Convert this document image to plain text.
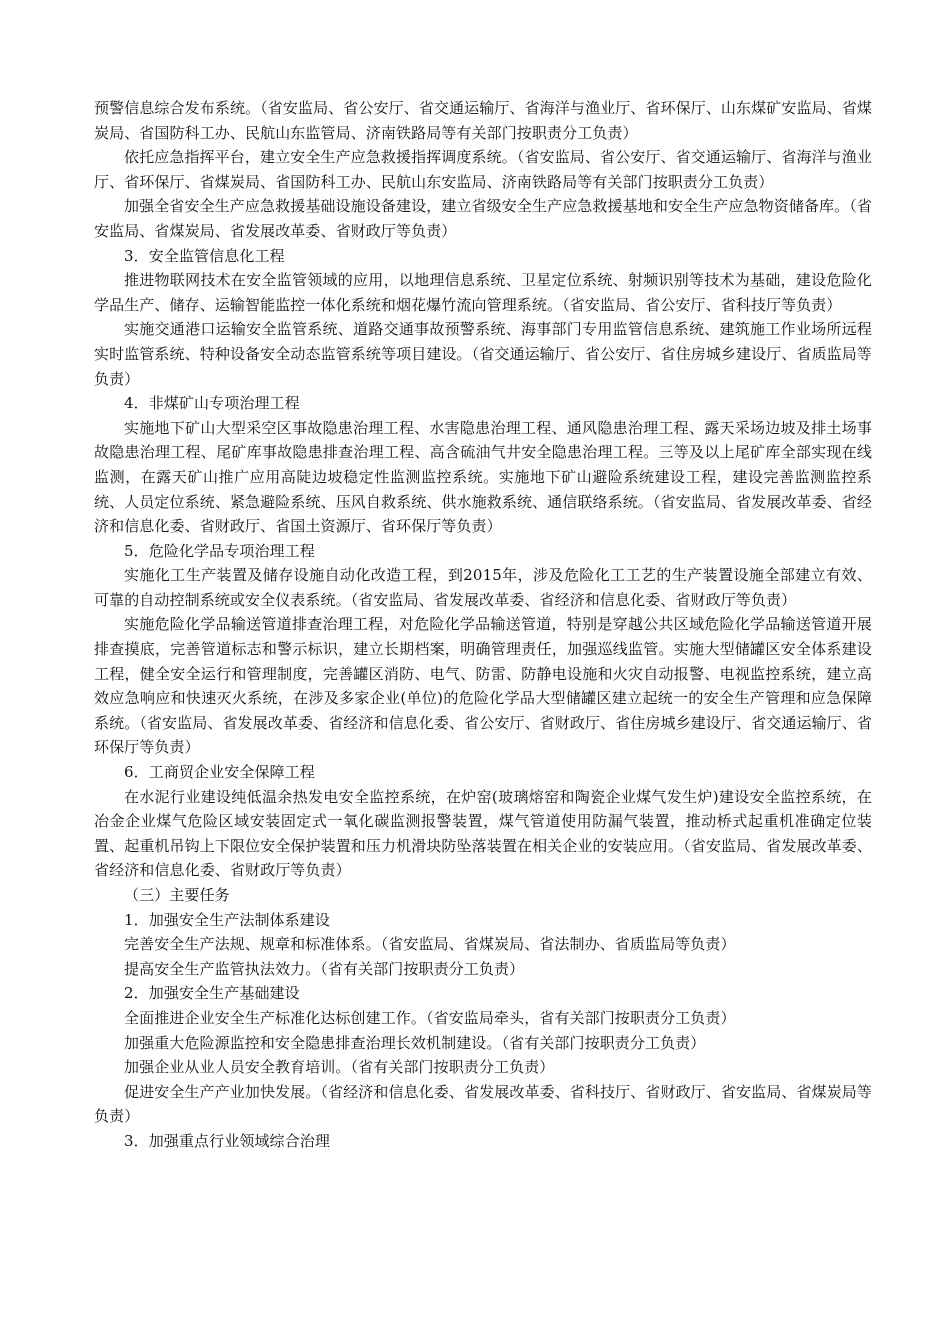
预警信息综合发布系统。（省安监局、省公安厅、省交通运输厅、省海洋与渔业厅、省环保厅、山东煤矿安监局、省煤炭局、省国防科工办、民航山东监管局、济南铁路局等有关部门按职责分工负责）

依托应急指挥平台，建立安全生产应急救援指挥调度系统。（省安监局、省公安厅、省交通运输厅、省海洋与渔业厅、省环保厅、省煤炭局、省国防科工办、民航山东安监局、济南铁路局等有关部门按职责分工负责）

加强全省安全生产应急救援基础设施设备建设，建立省级安全生产应急救援基地和安全生产应急物资储备库。（省安监局、省煤炭局、省发展改革委、省财政厅等负责）

3．安全监管信息化工程

推进物联网技术在安全监管领域的应用，以地理信息系统、卫星定位系统、射频识别等技术为基础，建设危险化学品生产、储存、运输智能监控一体化系统和烟花爆竹流向管理系统。（省安监局、省公安厅、省科技厅等负责）

实施交通港口运输安全监管系统、道路交通事故预警系统、海事部门专用监管信息系统、建筑施工作业场所远程实时监管系统、特种设备安全动态监管系统等项目建设。（省交通运输厅、省公安厅、省住房城乡建设厅、省质监局等负责）

4．非煤矿山专项治理工程

实施地下矿山大型采空区事故隐患治理工程、水害隐患治理工程、通风隐患治理工程、露天采场边坡及排土场事故隐患治理工程、尾矿库事故隐患排查治理工程、高含硫油气井安全隐患治理工程。三等及以上尾矿库全部实现在线监测，在露天矿山推广应用高陡边坡稳定性监测监控系统。实施地下矿山避险系统建设工程，建设完善监测监控系统、人员定位系统、紧急避险系统、压风自救系统、供水施救系统、通信联络系统。（省安监局、省发展改革委、省经济和信息化委、省财政厅、省国土资源厅、省环保厅等负责）

5．危险化学品专项治理工程

实施化工生产装置及储存设施自动化改造工程，到2015年，涉及危险化工工艺的生产装置设施全部建立有效、可靠的自动控制系统或安全仪表系统。（省安监局、省发展改革委、省经济和信息化委、省财政厅等负责）

实施危险化学品输送管道排查治理工程，对危险化学品输送管道，特别是穿越公共区域危险化学品输送管道开展排查摸底，完善管道标志和警示标识，建立长期档案，明确管理责任，加强巡线监管。实施大型储罐区安全体系建设工程，健全安全运行和管理制度，完善罐区消防、电气、防雷、防静电设施和火灾自动报警、电视监控系统，建立高效应急响应和快速灭火系统，在涉及多家企业(单位)的危险化学品大型储罐区建立起统一的安全生产管理和应急保障系统。（省安监局、省发展改革委、省经济和信息化委、省公安厅、省财政厅、省住房城乡建设厅、省交通运输厅、省环保厅等负责）

6．工商贸企业安全保障工程

在水泥行业建设纯低温余热发电安全监控系统，在炉窑(玻璃熔窑和陶瓷企业煤气发生炉)建设安全监控系统，在冶金企业煤气危险区域安装固定式一氧化碳监测报警装置，煤气管道使用防漏气装置，推动桥式起重机准确定位装置、起重机吊钩上下限位安全保护装置和压力机滑块防坠落装置在相关企业的安装应用。（省安监局、省发展改革委、省经济和信息化委、省财政厅等负责）

（三）主要任务

1．加强安全生产法制体系建设

完善安全生产法规、规章和标准体系。（省安监局、省煤炭局、省法制办、省质监局等负责）

提高安全生产监管执法效力。（省有关部门按职责分工负责）

2．加强安全生产基础建设

全面推进企业安全生产标准化达标创建工作。（省安监局牵头，省有关部门按职责分工负责）

加强重大危险源监控和安全隐患排查治理长效机制建设。（省有关部门按职责分工负责）

加强企业从业人员安全教育培训。（省有关部门按职责分工负责）

促进安全生产产业加快发展。（省经济和信息化委、省发展改革委、省科技厅、省财政厅、省安监局、省煤炭局等负责）

3．加强重点行业领域综合治理
